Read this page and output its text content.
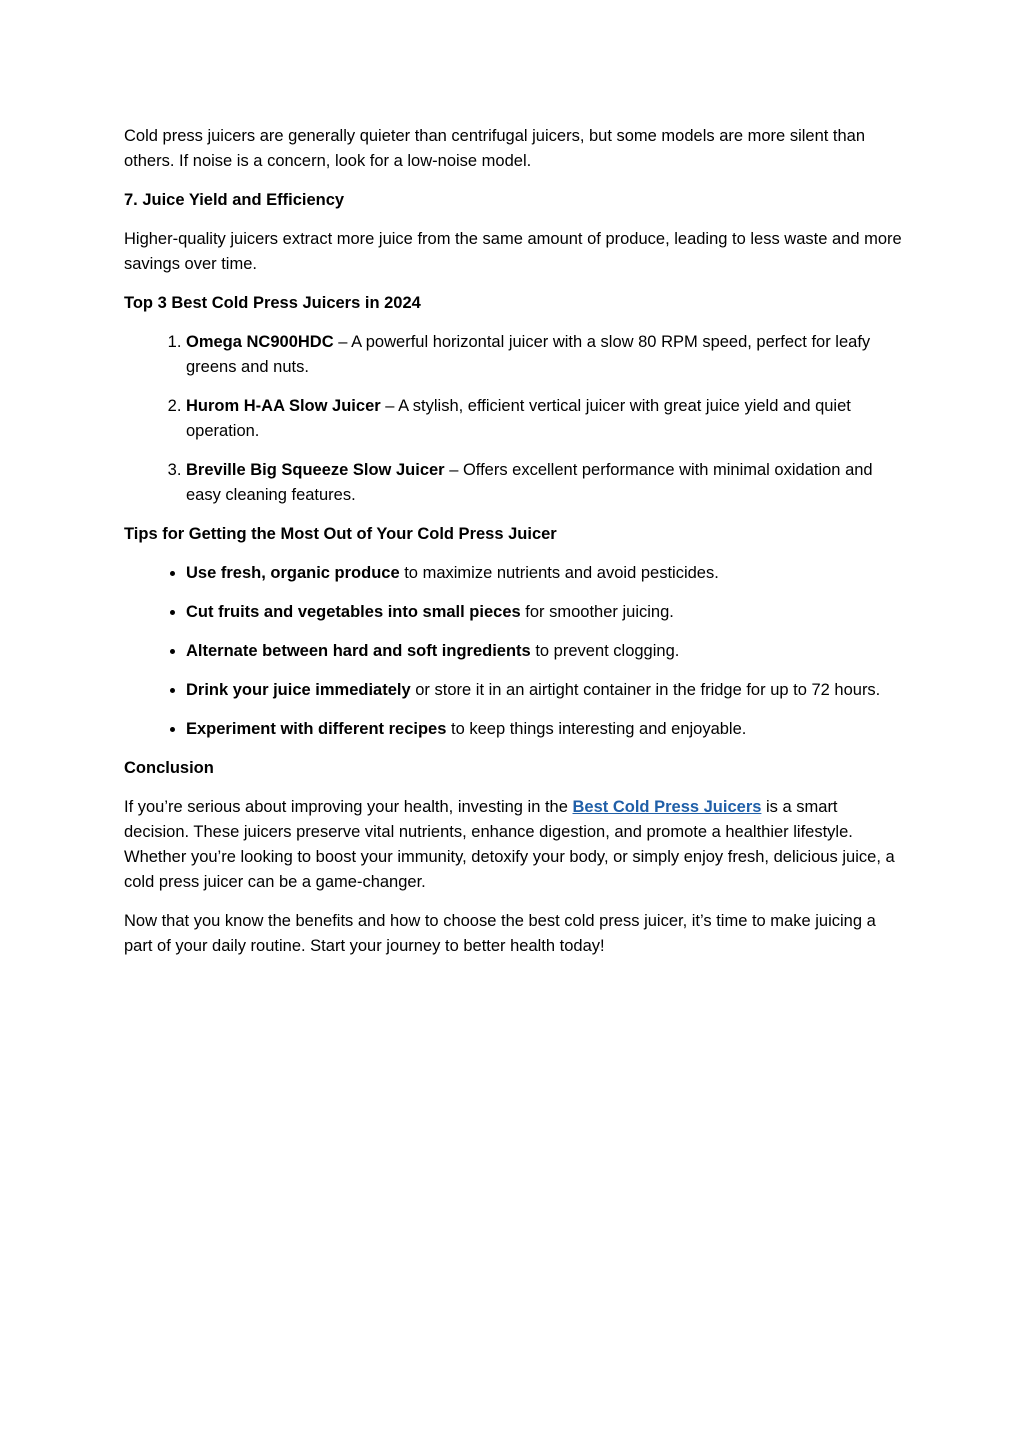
Cold press juicers are generally quieter than centrifugal juicers, but some models are more silent than others. If noise is a concern, look for a low-noise model.

7. Juice Yield and Efficiency

Higher-quality juicers extract more juice from the same amount of produce, leading to less waste and more savings over time.

Top 3 Best Cold Press Juicers in 2024

1. Omega NC900HDC – A powerful horizontal juicer with a slow 80 RPM speed, perfect for leafy greens and nuts.
2. Hurom H-AA Slow Juicer – A stylish, efficient vertical juicer with great juice yield and quiet operation.
3. Breville Big Squeeze Slow Juicer – Offers excellent performance with minimal oxidation and easy cleaning features.

Tips for Getting the Most Out of Your Cold Press Juicer

• Use fresh, organic produce to maximize nutrients and avoid pesticides.
• Cut fruits and vegetables into small pieces for smoother juicing.
• Alternate between hard and soft ingredients to prevent clogging.
• Drink your juice immediately or store it in an airtight container in the fridge for up to 72 hours.
• Experiment with different recipes to keep things interesting and enjoyable.

Conclusion

If you’re serious about improving your health, investing in the Best Cold Press Juicers is a smart decision. These juicers preserve vital nutrients, enhance digestion, and promote a healthier lifestyle. Whether you’re looking to boost your immunity, detoxify your body, or simply enjoy fresh, delicious juice, a cold press juicer can be a game-changer.

Now that you know the benefits and how to choose the best cold press juicer, it’s time to make juicing a part of your daily routine. Start your journey to better health today!
